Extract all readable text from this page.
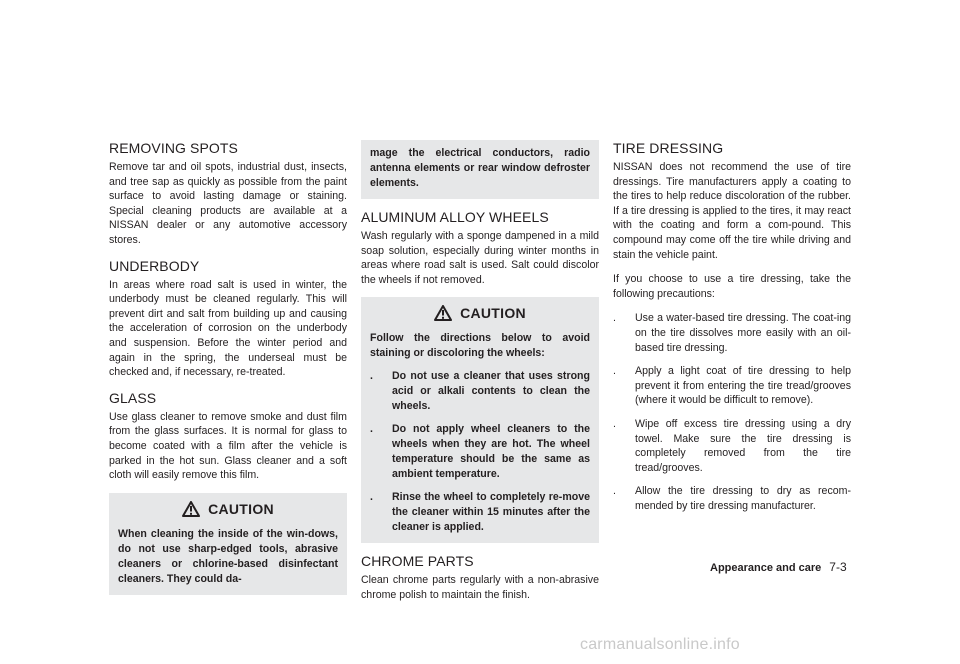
REMOVING SPOTS

Remove tar and oil spots, industrial dust, insects, and tree sap as quickly as possible from the paint surface to avoid lasting damage or staining. Special cleaning products are available at a NISSAN dealer or any automotive accessory stores.

UNDERBODY

In areas where road salt is used in winter, the underbody must be cleaned regularly. This will prevent dirt and salt from building up and causing the acceleration of corrosion on the underbody and suspension. Before the winter period and again in the spring, the underseal must be checked and, if necessary, re-treated.

GLASS

Use glass cleaner to remove smoke and dust film from the glass surfaces. It is normal for glass to become coated with a film after the vehicle is parked in the hot sun. Glass cleaner and a soft cloth will easily remove this film.

CAUTION

When cleaning the inside of the win-dows, do not use sharp-edged tools, abrasive cleaners or chlorine-based disinfectant cleaners. They could da-

mage the electrical conductors, radio antenna elements or rear window defroster elements.

ALUMINUM ALLOY WHEELS

Wash regularly with a sponge dampened in a mild soap solution, especially during winter months in areas where road salt is used. Salt could discolor the wheels if not removed.

CAUTION

Follow the directions below to avoid staining or discoloring the wheels:

.	Do not use a cleaner that uses strong acid or alkali contents to clean the wheels.
.	Do not apply wheel cleaners to the wheels when they are hot. The wheel temperature should be the same as ambient temperature.
.	Rinse the wheel to completely re-move the cleaner within 15 minutes after the cleaner is applied.
CHROME PARTS

Clean chrome parts regularly with a non-abrasive chrome polish to maintain the finish.

TIRE DRESSING

NISSAN does not recommend the use of tire dressings. Tire manufacturers apply a coating to the tires to help reduce discoloration of the rubber. If a tire dressing is applied to the tires, it may react with the coating and form a com-pound. This compound may come off the tire while driving and stain the vehicle paint.

If you choose to use a tire dressing, take the following precautions:

.	Use a water-based tire dressing. The coat-ing on the tire dissolves more easily with an oil-based tire dressing.
.	Apply a light coat of tire dressing to help prevent it from entering the tire tread/grooves (where it would be difficult to remove).
.	Wipe off excess tire dressing using a dry towel. Make sure the tire dressing is completely removed from the tire tread/grooves.
.	Allow the tire dressing to dry as recom-mended by tire dressing manufacturer.
Appearance and care 7-3
carmanualsonline.info
